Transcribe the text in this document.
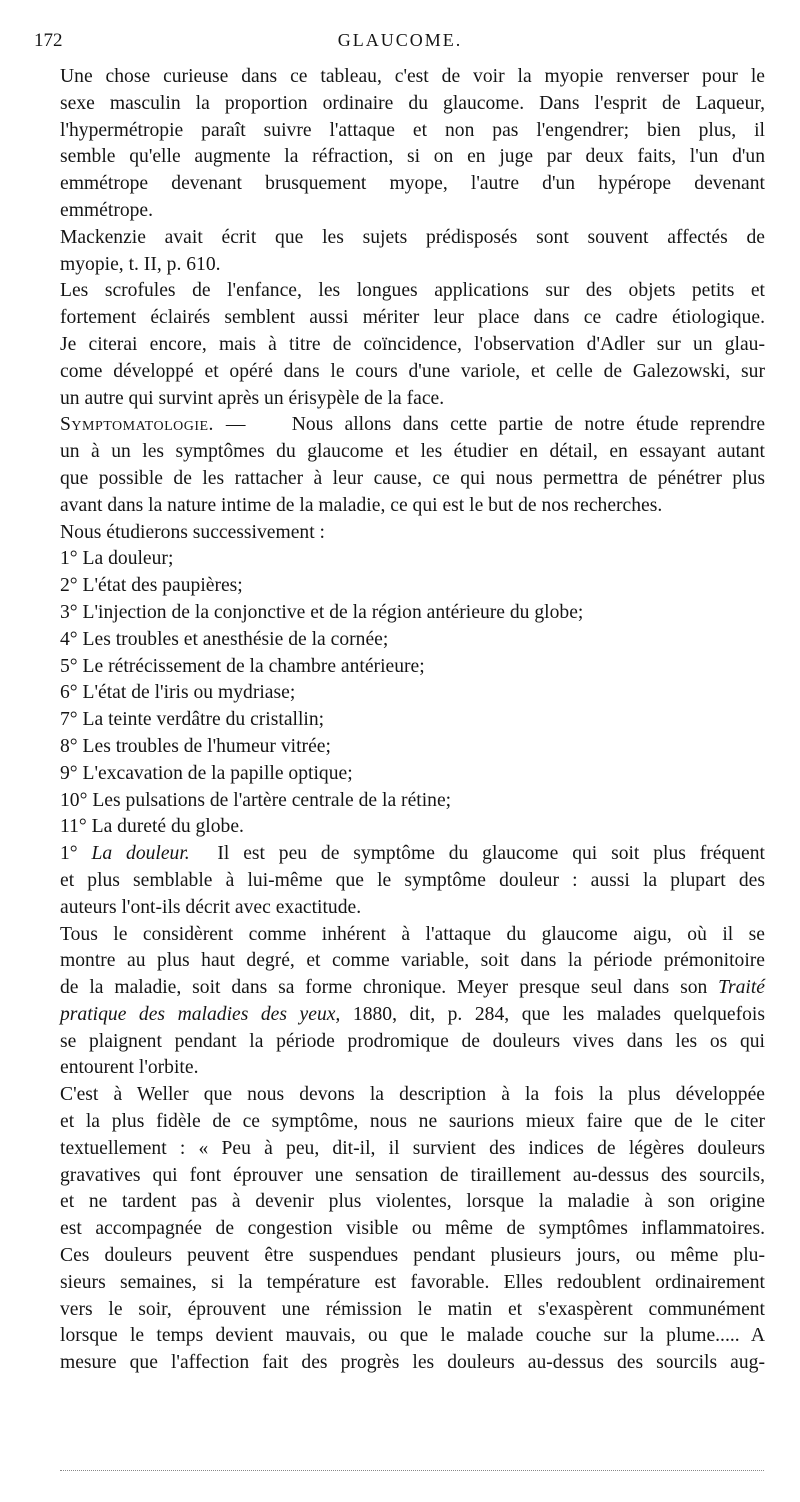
172	GLAUCOME.

Une chose curieuse dans ce tableau, c'est de voir la myopie renverser pour le
sexe masculin la proportion ordinaire du glaucome. Dans l'esprit de Laqueur,
l'hypermétropie paraît suivre l'attaque et non pas l'engendrer; bien plus, il
semble qu'elle augmente la réfraction, si on en juge par deux faits, l'un d'un
emmétrope devenant brusquement myope, l'autre d'un hypérope devenant
emmétrope.

Mackenzie avait écrit que les sujets prédisposés sont souvent affectés de
myopie, t. II, p. 610.

Les scrofules de l'enfance, les longues applications sur des objets petits et
fortement éclairés semblent aussi mériter leur place dans ce cadre étiologique.
Je citerai encore, mais à titre de coïncidence, l'observation d'Adler sur un glau-
come développé et opéré dans le cours d'une variole, et celle de Galezowski, sur
un autre qui survint après un érisypèle de la face.

Symptomatologie. — Nous allons dans cette partie de notre étude reprendre
un à un les symptômes du glaucome et les étudier en détail, en essayant autant
que possible de les rattacher à leur cause, ce qui nous permettra de pénétrer plus
avant dans la nature intime de la maladie, ce qui est le but de nos recherches.

Nous étudierons successivement :

1° La douleur;
2° L'état des paupières;
3° L'injection de la conjonctive et de la région antérieure du globe;
4° Les troubles et anesthésie de la cornée;
5° Le rétrécissement de la chambre antérieure;
6° L'état de l'iris ou mydriase;
7° La teinte verdâtre du cristallin;
8° Les troubles de l'humeur vitrée;
9° L'excavation de la papille optique;
10° Les pulsations de l'artère centrale de la rétine;
11° La dureté du globe.

1° La douleur. Il est peu de symptôme du glaucome qui soit plus fréquent
et plus semblable à lui-même que le symptôme douleur : aussi la plupart des
auteurs l'ont-ils décrit avec exactitude.

Tous le considèrent comme inhérent à l'attaque du glaucome aigu, où il se
montre au plus haut degré, et comme variable, soit dans la période prémonitoire
de la maladie, soit dans sa forme chronique. Meyer presque seul dans son Traité
pratique des maladies des yeux, 1880, dit, p. 284, que les malades quelquefois
se plaignent pendant la période prodromique de douleurs vives dans les os qui
entourent l'orbite.

C'est à Weller que nous devons la description à la fois la plus développée
et la plus fidèle de ce symptôme, nous ne saurions mieux faire que de le citer
textuellement : « Peu à peu, dit-il, il survient des indices de légères douleurs
gravatives qui font éprouver une sensation de tiraillement au-dessus des sourcils,
et ne tardent pas à devenir plus violentes, lorsque la maladie à son origine
est accompagnée de congestion visible ou même de symptômes inflammatoires.
Ces douleurs peuvent être suspendues pendant plusieurs jours, ou même plu-
sieurs semaines, si la température est favorable. Elles redoublent ordinairement
vers le soir, éprouvent une rémission le matin et s'exaspèrent communément
lorsque le temps devient mauvais, ou que le malade couche sur la plume..... A
mesure que l'affection fait des progrès les douleurs au-dessus des sourcils aug-
